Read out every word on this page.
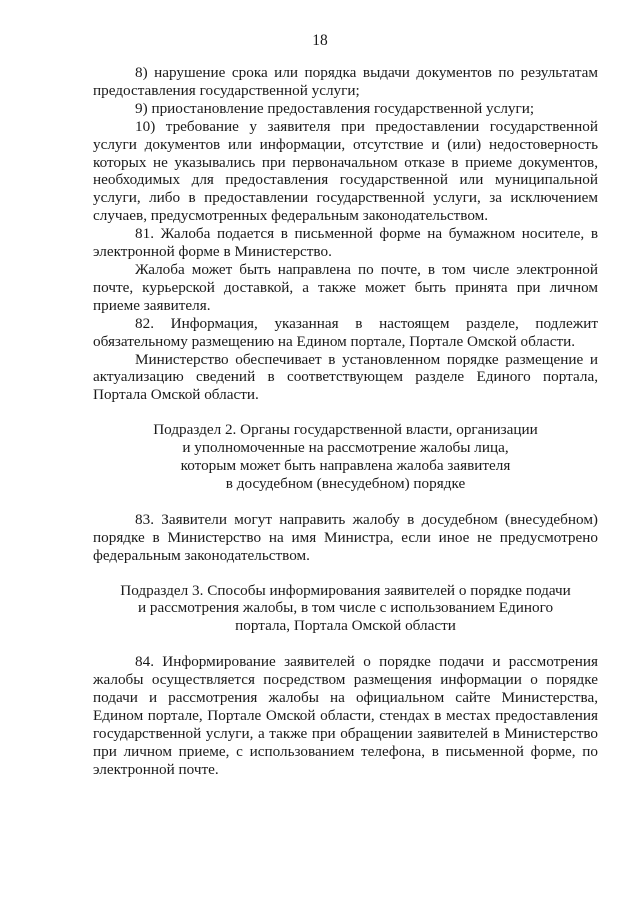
18

8) нарушение срока или порядка выдачи документов по результатам предоставления государственной услуги;

9) приостановление предоставления государственной услуги;

10) требование у заявителя при предоставлении государственной услуги документов или информации, отсутствие и (или) недостоверность которых не указывались при первоначальном отказе в приеме документов, необходимых для предоставления государственной или муниципальной услуги, либо в предоставлении государственной услуги, за исключением случаев, предусмотренных федеральным законодательством.

81. Жалоба подается в письменной форме на бумажном носителе, в электронной форме в Министерство.

Жалоба может быть направлена по почте, в том числе электронной почте, курьерской доставкой, а также может быть принята при личном приеме заявителя.

82. Информация, указанная в настоящем разделе, подлежит обязательному размещению на Едином портале, Портале Омской области.

Министерство обеспечивает в установленном порядке размещение и актуализацию сведений в соответствующем разделе Единого портала, Портала Омской области.

Подраздел 2. Органы государственной власти, организации
и уполномоченные на рассмотрение жалобы лица,
которым может быть направлена жалоба заявителя
в досудебном (внесудебном) порядке

83. Заявители могут направить жалобу в досудебном (внесудебном) порядке в Министерство на имя Министра, если иное не предусмотрено федеральным законодательством.

Подраздел 3. Способы информирования заявителей о порядке подачи
и рассмотрения жалобы, в том числе с использованием Единого
портала, Портала Омской области

84. Информирование заявителей о порядке подачи и рассмотрения жалобы осуществляется посредством размещения информации о порядке подачи и рассмотрения жалобы на официальном сайте Министерства, Едином портале, Портале Омской области, стендах в местах предоставления государственной услуги, а также при обращении заявителей в Министерство при личном приеме, с использованием телефона, в письменной форме, по электронной почте.
